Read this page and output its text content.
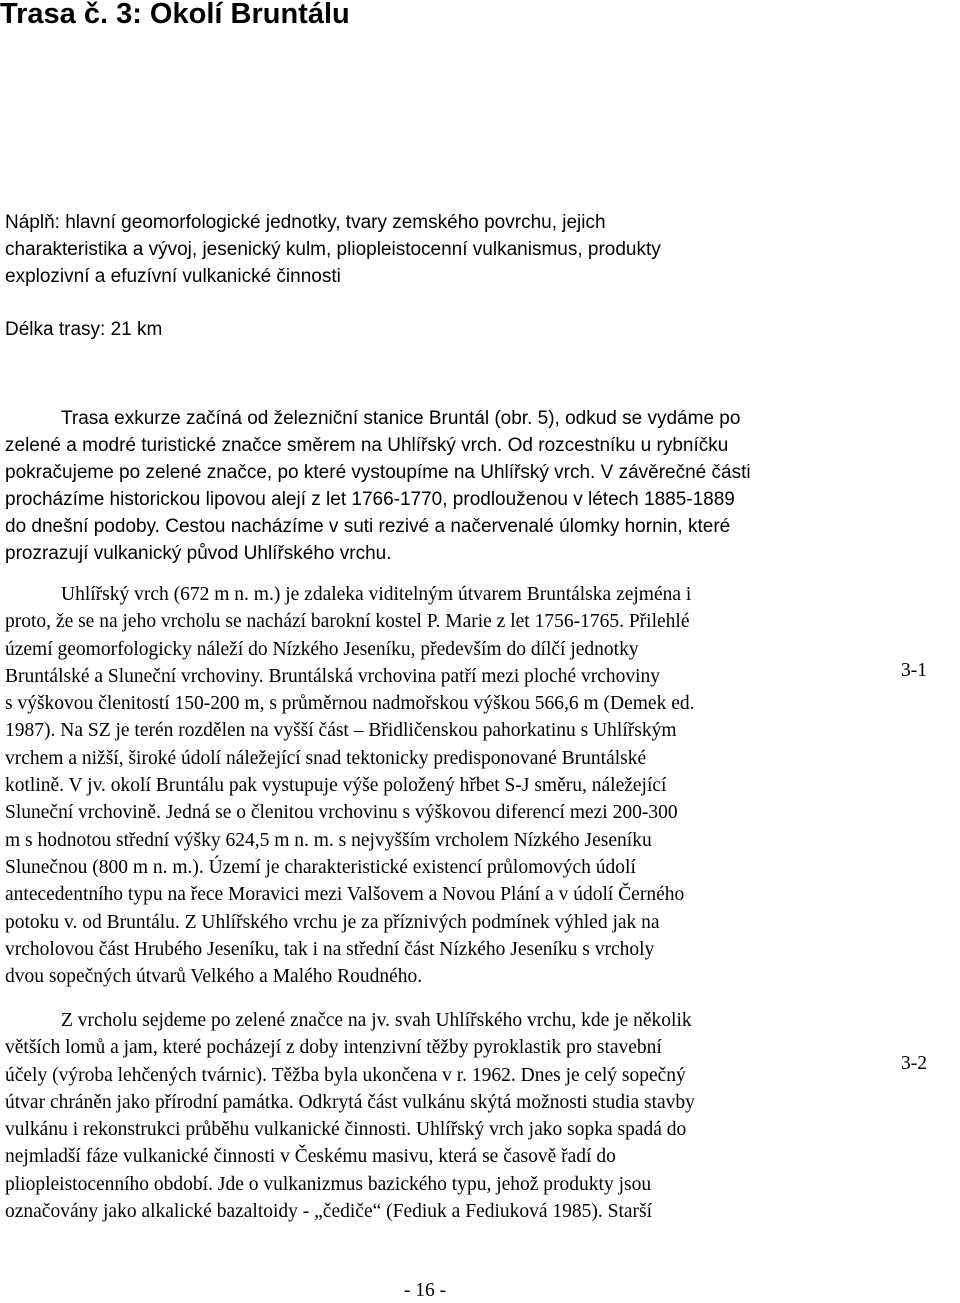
Trasa č. 3: Okolí Bruntálu
Náplň: hlavní geomorfologické jednotky, tvary zemského povrchu, jejich
charakteristika a vývoj, jesenický kulm, pliopleistocenní vulkanismus, produkty
explozivní a efuzívní vulkanické činnosti
Délka trasy: 21 km
Trasa exkurze začíná od železniční stanice Bruntál (obr. 5), odkud se vydáme po
zelené a modré turistické značce směrem na Uhlířský vrch. Od rozcestníku u rybníčku
pokračujeme po zelené značce, po které vystoupíme na Uhlířský vrch. V závěrečné části
procházíme historickou lipovou alejí z let 1766-1770, prodlouženou v létech 1885-1889
do dnešní podoby. Cestou nacházíme v suti rezivé a načervenalé úlomky hornin, které
prozrazují vulkanický původ Uhlířského vrchu.
Uhlířský vrch (672 m n. m.) je zdaleka viditelným útvarem Bruntálska zejména i
proto, že se na jeho vrcholu se nachází barokní kostel P. Marie z let 1756-1765. Přilehlé
území geomorfologicky náleží do Nízkého Jeseníku, především do dílčí jednotky
Bruntálské a Sluneční vrchoviny. Bruntálská vrchovina patří mezi ploché vrchoviny
s výškovou členitostí 150-200 m, s průměrnou nadmořskou výškou 566,6 m (Demek ed.
1987). Na SZ je terén rozdělen na vyšší část – Břidličenskou pahorkatinu s Uhlířským
vrchem a nižší, široké údolí náležející snad tektonicky predisponované Bruntálské
kotlině. V jv. okolí Bruntálu pak vystupuje výše položený hřbet S-J směru, náležející
Sluneční vrchovině. Jedná se o členitou vrchovinu s výškovou diferencí mezi 200-300
m s hodnotou střední výšky 624,5 m n. m. s nejvyšším vrcholem Nízkého Jeseníku
Slunečnou (800 m n. m.). Území je charakteristické existencí průlomových údolí
antecedentního typu na řece Moravici mezi Valšovem a Novou Plání a v údolí Černého
potoku v. od Bruntálu. Z Uhlířského vrchu je za příznivých podmínek výhled jak na
vrcholovou část Hrubého Jeseníku, tak i na střední část Nízkého Jeseníku s vrcholy
dvou sopečných útvarů Velkého a Malého Roudného.
Z vrcholu sejdeme po zelené značce na jv. svah Uhlířského vrchu, kde je několik
větších lomů a jam, které pocházejí z doby intenzivní těžby pyroklastik pro stavební
účely (výroba lehčených tvárnic). Těžba byla ukončena v r. 1962. Dnes je celý sopečný
útvar chráněn jako přírodní památka. Odkrytá část vulkánu skýtá možnosti studia stavby
vulkánu i rekonstrukci průběhu vulkanické činnosti. Uhlířský vrch jako sopka spadá do
nejmladší fáze vulkanické činnosti v Českému masivu, která se časově řadí do
pliopleistocenního období. Jde o vulkanizmus bazického typu, jehož produkty jsou
označovány jako alkalické bazaltoidy - „čediče“ (Fediuk a Fediuková 1985). Starší
3-1
3-2
- 16 -
